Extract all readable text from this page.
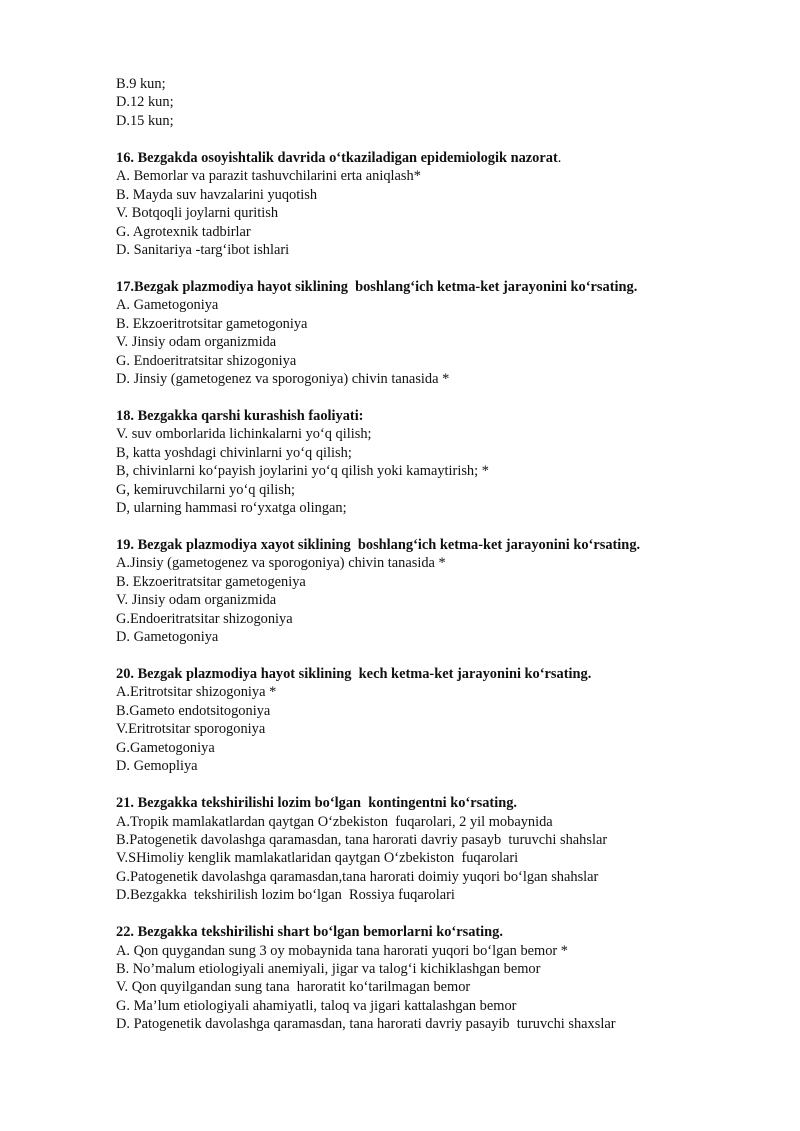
B.9 kun;
D.12 kun;
D.15 kun;
16. Bezgakda osoyishtalik davrida o‘tkaziladigan epidemiologik nazorat.
A. Bemorlar va parazit tashuvchilarini erta aniqlash*
B. Mayda suv havzalarini yuqotish
V. Botqoqli joylarni quritish
G. Agrotexnik tadbirlar
D. Sanitariya -targ‘ibot ishlari
17.Bezgak plazmodiya hayot siklining  boshlang‘ich ketma-ket jarayonini ko‘rsating.
A. Gametogoniya
B. Ekzoeritrotsitar gametogoniya
V. Jinsiy odam organizmida
G. Endoeritratsitar shizogoniya
D. Jinsiy (gametogenez va sporogoniya) chivin tanasida *
18. Bezgakka qarshi kurashish faoliyati:
V. suv omborlarida lichinkalarni yo‘q qilish;
B, katta yoshdagi chivinlarni yo‘q qilish;
B, chivinlarni ko‘payish joylarini yo‘q qilish yoki kamaytirish; *
G, kemiruvchilarni yo‘q qilish;
D, ularning hammasi ro‘yxatga olingan;
19. Bezgak plazmodiya xayot siklining  boshlang‘ich ketma-ket jarayonini ko‘rsating.
A.Jinsiy (gametogenez va sporogoniya) chivin tanasida *
B. Ekzoeritratsitar gametogeniya
V. Jinsiy odam organizmida
G.Endoeritratsitar shizogoniya
D. Gametogoniya
20. Bezgak plazmodiya hayot siklining  kech ketma-ket jarayonini ko‘rsating.
A.Eritrotsitar shizogoniya *
B.Gameto endotsitogoniya
V.Eritrotsitar sporogoniya
G.Gametogoniya
D. Gemopliya
21. Bezgakka tekshirilishi lozim bo‘lgan  kontingentni ko‘rsating.
A.Tropik mamlakatlardan qaytgan O‘zbekiston  fuqarolari, 2 yil mobaynida
B.Patogenetik davolashga qaramasdan, tana harorati davriy pasayb  turuvchi shahslar
V.SHimoliy kenglik mamlakatlaridan qaytgan O‘zbekiston  fuqarolari
G.Patogenetik davolashga qaramasdan,tana harorati doimiy yuqori bo‘lgan shahslar
D.Bezgakka  tekshirilish lozim bo‘lgan  Rossiya fuqarolari
22. Bezgakka tekshirilishi shart bo‘lgan bemorlarni ko‘rsating.
A. Qon quygandan sung 3 oy mobaynida tana harorati yuqori bo‘lgan bemor *
B. No’malum etiologiyali anemiyali, jigar va talog‘i kichiklashgan bemor
V. Qon quyilgandan sung tana  haroratit ko‘tarilmagan bemor
G. Ma’lum etiologiyali ahamiyatli, taloq va jigari kattalashgan bemor
D. Patogenetik davolashga qaramasdan, tana harorati davriy pasayib  turuvchi shaxslar
